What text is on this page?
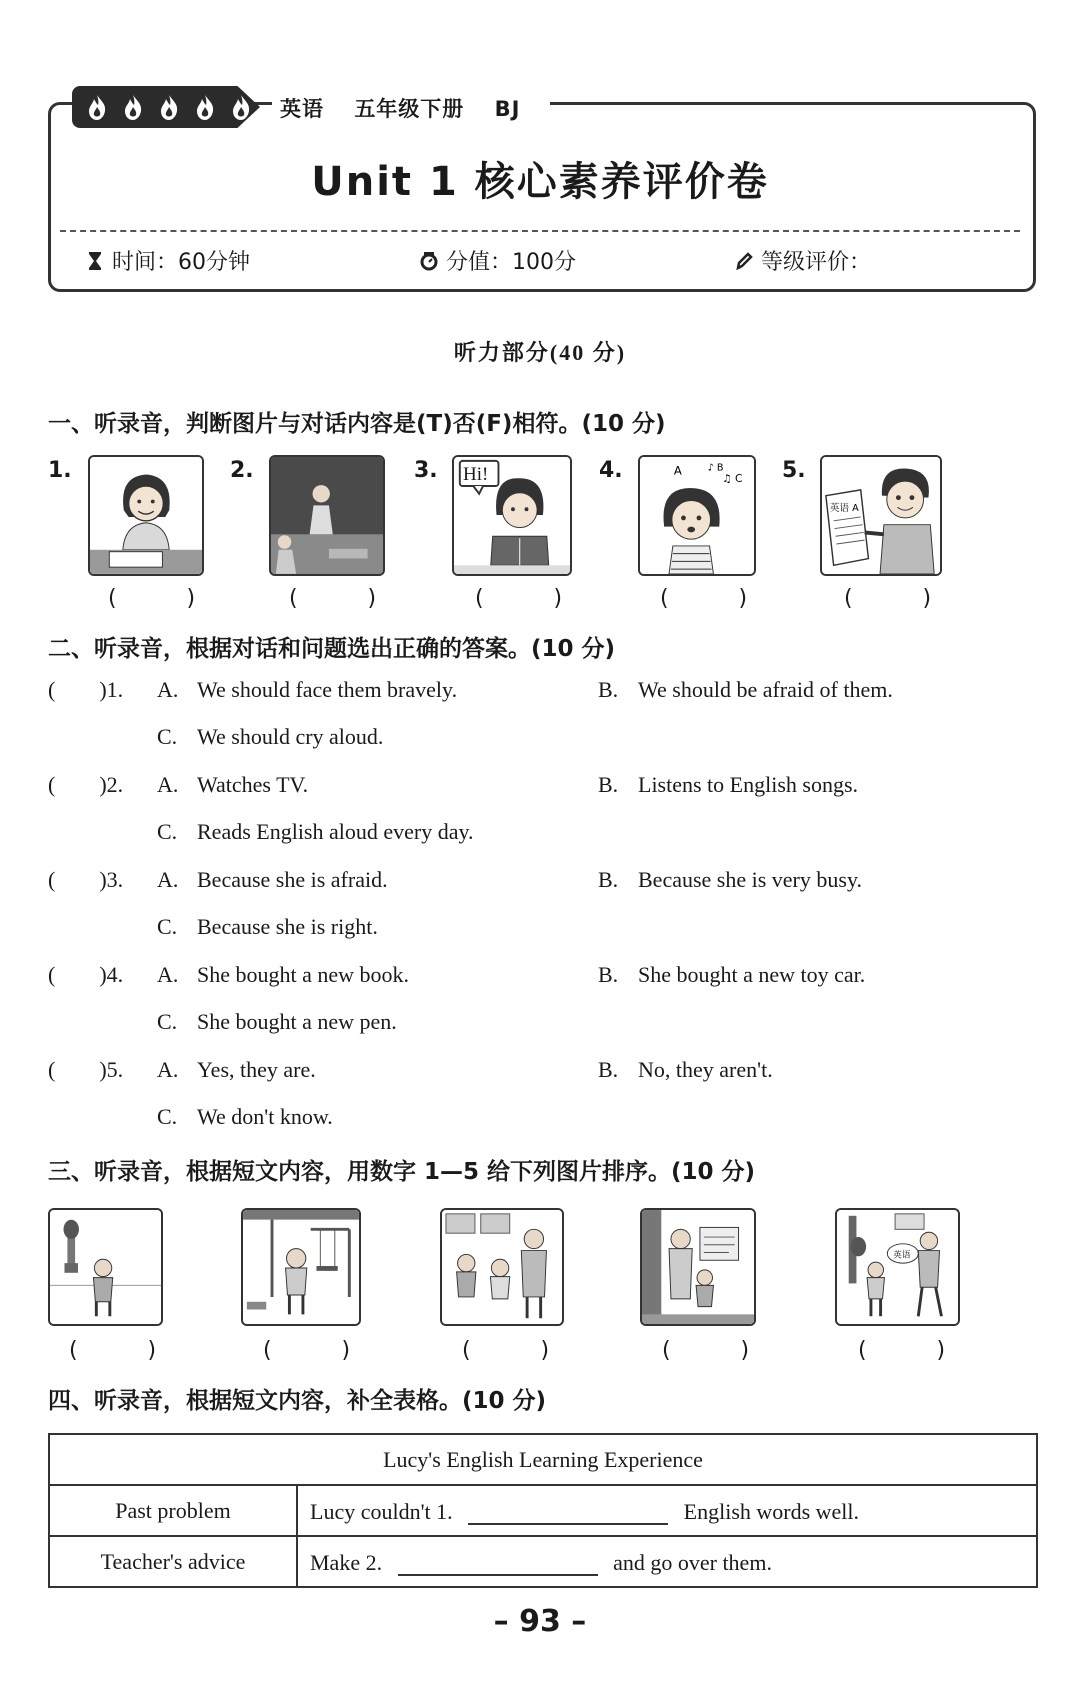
英语 五年级下册 BJ
Unit 1 核心素养评价卷
时间：60分钟	分值：100分	等级评价：
听力部分(40 分)
一、听录音，判断图片与对话内容是(T)否(F)相符。(10 分)
1.
(      )
2.
(      )
3. Hi!
(      )
4.	A	♪ B
♫ C
(      )
5.
英语 A
(      )
二、听录音，根据对话和问题选出正确的答案。(10 分)
(        )1. A. We should face them bravely.	B. We should be afraid of them.
C. We should cry aloud.
(        )2. A. Watches TV.	B. Listens to English songs.
C. Reads English aloud every day.
(        )3. A. Because she is afraid.	B. Because she is very busy.
C. Because she is right.
(        )4. A. She bought a new book.	B. She bought a new toy car.
C. She bought a new pen.
(        )5. A. Yes, they are.	B. No, they aren't.
C. We don't know.
三、听录音，根据短文内容，用数字 1—5 给下列图片排序。(10 分)
(      )	(      )	(      )	(      )
英语
(      )
四、听录音，根据短文内容，补全表格。(10 分)
Lucy's English Learning Experience	
Past problem	Lucy couldn't 1. English words well.
Teacher's advice	Make 2. and go over them.
– 93 –
